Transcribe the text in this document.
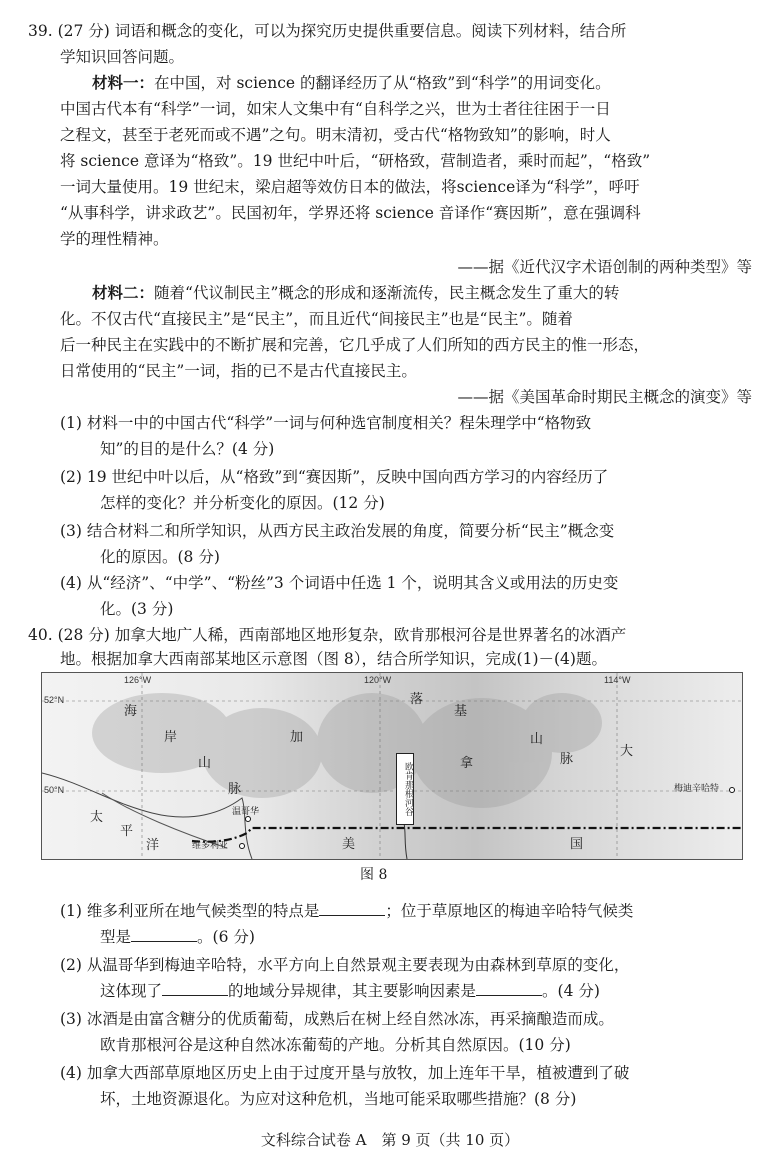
39. (27 分) 词语和概念的变化，可以为探究历史提供重要信息。阅读下列材料，结合所
学知识回答问题。
材料一：在中国，对 science 的翻译经历了从“格致”到“科学”的用词变化。
中国古代本有“科学”一词，如宋人文集中有“自科学之兴，世为士者往往困于一日
之程文，甚至于老死而或不遇”之句。明末清初，受古代“格物致知”的影响，时人
将 science 意译为“格致”。19 世纪中叶后，“研格致，营制造者，乘时而起”，“格致”
一词大量使用。19 世纪末，梁启超等效仿日本的做法，将science译为“科学”，呼吁
“从事科学，讲求政艺”。民国初年，学界还将 science 音译作“赛因斯”，意在强调科
学的理性精神。
——据《近代汉字术语创制的两种类型》等
材料二：随着“代议制民主”概念的形成和逐渐流传，民主概念发生了重大的转
化。不仅古代“直接民主”是“民主”，而且近代“间接民主”也是“民主”。随着
后一种民主在实践中的不断扩展和完善，它几乎成了人们所知的西方民主的惟一形态，
日常使用的“民主”一词，指的已不是古代直接民主。
——据《美国革命时期民主概念的演变》等
(1) 材料一中的中国古代“科学”一词与何种选官制度相关？程朱理学中“格物致
知”的目的是什么？(4 分)
(2) 19 世纪中叶以后，从“格致”到“赛因斯”，反映中国向西方学习的内容经历了
怎样的变化？并分析变化的原因。(12 分)
(3) 结合材料二和所学知识，从西方民主政治发展的角度，简要分析“民主”概念变
化的原因。(8 分)
(4) 从“经济”、“中学”、“粉丝”3 个词语中任选 1 个，说明其含义或用法的历史变
化。(3 分)
40. (28 分) 加拿大地广人稀，西南部地区地形复杂，欧肯那根河谷是世界著名的冰酒产
地。根据加拿大西南部某地区示意图（图 8），结合所学知识，完成(1)－(4)题。
126°W	120°W	114°W
52°N
50°N
海
岸
山
脉
落
基
山
脉
加
拿
大
美	国
太
平
洋
欧肯那根河谷
温哥华
维多利亚
梅迪辛哈特
图 8
(1) 维多利亚所在地气候类型的特点是	；位于草原地区的梅迪辛哈特气候类
型是	。(6 分)
(2) 从温哥华到梅迪辛哈特，水平方向上自然景观主要表现为由森林到草原的变化，
这体现了	的地域分异规律，其主要影响因素是	。(4 分)
(3) 冰酒是由富含糖分的优质葡萄，成熟后在树上经自然冰冻，再采摘酿造而成。
欧肯那根河谷是这种自然冰冻葡萄的产地。分析其自然原因。(10 分)
(4) 加拿大西部草原地区历史上由于过度开垦与放牧，加上连年干旱，植被遭到了破
坏，土地资源退化。为应对这种危机，当地可能采取哪些措施？(8 分)
文科综合试卷 A　第 9 页（共 10 页）
